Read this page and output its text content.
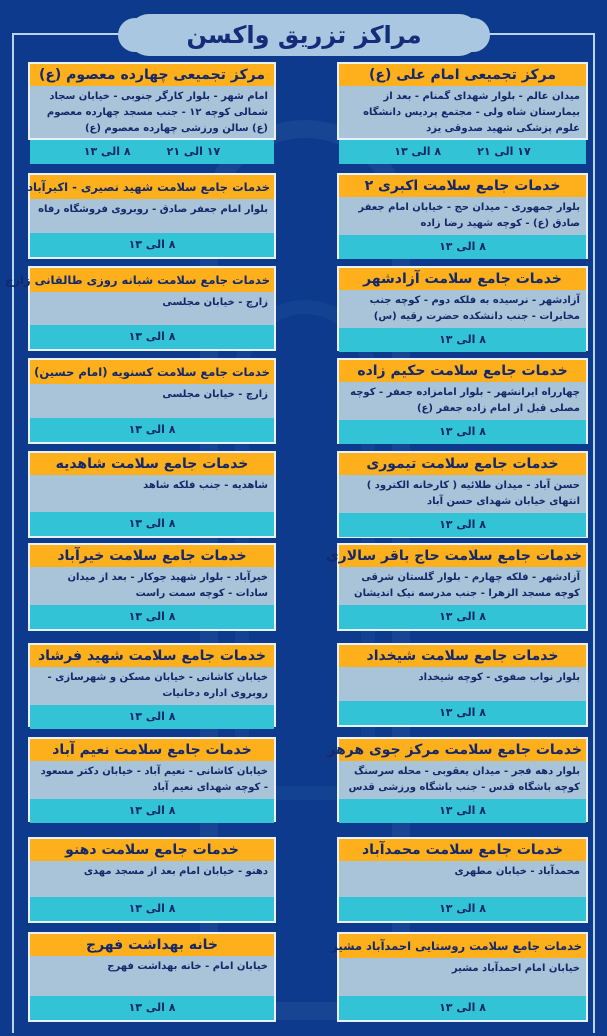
مراکز تزریق واکسن
مرکز تجمیعی امام علی (ع)
میدان عالم - بلوار شهدای گمنام - بعد از بیمارستان شاه ولی - مجتمع پردیس دانشگاه علوم پزشکی شهید صدوقی یزد
۸ الی ۱۳	۱۷ الی ۲۱
خدمات جامع سلامت اکبری ۲
بلوار جمهوری - میدان حج - خیابان امام جعفر صادق (ع) - کوچه شهید رضا زاده
۸ الی ۱۳
خدمات جامع سلامت آزادشهر
آزادشهر - نرسیده به فلکه دوم - کوچه جنب مخابرات - جنب دانشکده حضرت رقیه (س)
۸ الی ۱۳
خدمات جامع سلامت حکیم زاده
چهارراه ایرانشهر - بلوار امامزاده جعفر - کوچه مصلی قبل از امام زاده جعفر (ع)
۸ الی ۱۳
خدمات جامع سلامت تیموری
حسن آباد - میدان طلائیه ( کارخانه الکترود ) انتهای خیابان شهدای حسن آباد
۸ الی ۱۳
خدمات جامع سلامت حاج باقر سالاری
آزادشهر - فلکه چهارم - بلوار گلستان شرقی کوچه مسجد الزهرا - جنب مدرسه نیک اندیشان
۸ الی ۱۳
خدمات جامع سلامت شیخداد
بلوار نواب صفوی - کوچه شیخداد
۸ الی ۱۳
خدمات جامع سلامت مرکز جوی هرهر
بلوار دهه فجر - میدان یعقوبی - محله سرسنگ کوچه باشگاه قدس - جنب باشگاه ورزشی قدس
۸ الی ۱۳
خدمات جامع سلامت محمدآباد
محمدآباد - خیابان مطهری
۸ الی ۱۳
خدمات جامع سلامت روستایی احمدآباد مشیر
خیابان امام احمدآباد مشیر
۸ الی ۱۳
مرکز تجمیعی چهارده معصوم (ع)
امام شهر - بلوار کارگر جنوبی - خیابان سجاد شمالی کوچه ۱۲ - جنب مسجد چهارده معصوم (ع) سالن ورزشی چهارده معصوم (ع)
۸ الی ۱۳	۱۷ الی ۲۱
خدمات جامع سلامت شهید نصیری - اکبرآباد
بلوار امام جعفر صادق - روبروی فروشگاه رفاه
۸ الی ۱۳
خدمات جامع سلامت شبانه روزی طالقانی زارچ
زارچ - خیابان مجلسی
۸ الی ۱۳
خدمات جامع سلامت کسنویه (امام حسین)
زارچ - خیابان مجلسی
۸ الی ۱۳
خدمات جامع سلامت شاهدیه
شاهدیه - جنب فلکه شاهد
۸ الی ۱۳
خدمات جامع سلامت خیرآباد
خیرآباد - بلوار شهید جوکار - بعد از میدان سادات - کوچه سمت راست
۸ الی ۱۳
خدمات جامع سلامت شهید فرشاد
خیابان کاشانی - خیابان مسکن و شهرسازی - روبروی اداره دخانیات
۸ الی ۱۳
خدمات جامع سلامت نعیم آباد
خیابان کاشانی - نعیم آباد - خیابان دکتر مسعود - کوچه شهدای نعیم آباد
۸ الی ۱۳
خدمات جامع سلامت دهنو
دهنو - خیابان امام بعد از مسجد مهدی
۸ الی ۱۳
خانه بهداشت فهرج
خیابان امام - خانه بهداشت فهرج
۸ الی ۱۳
